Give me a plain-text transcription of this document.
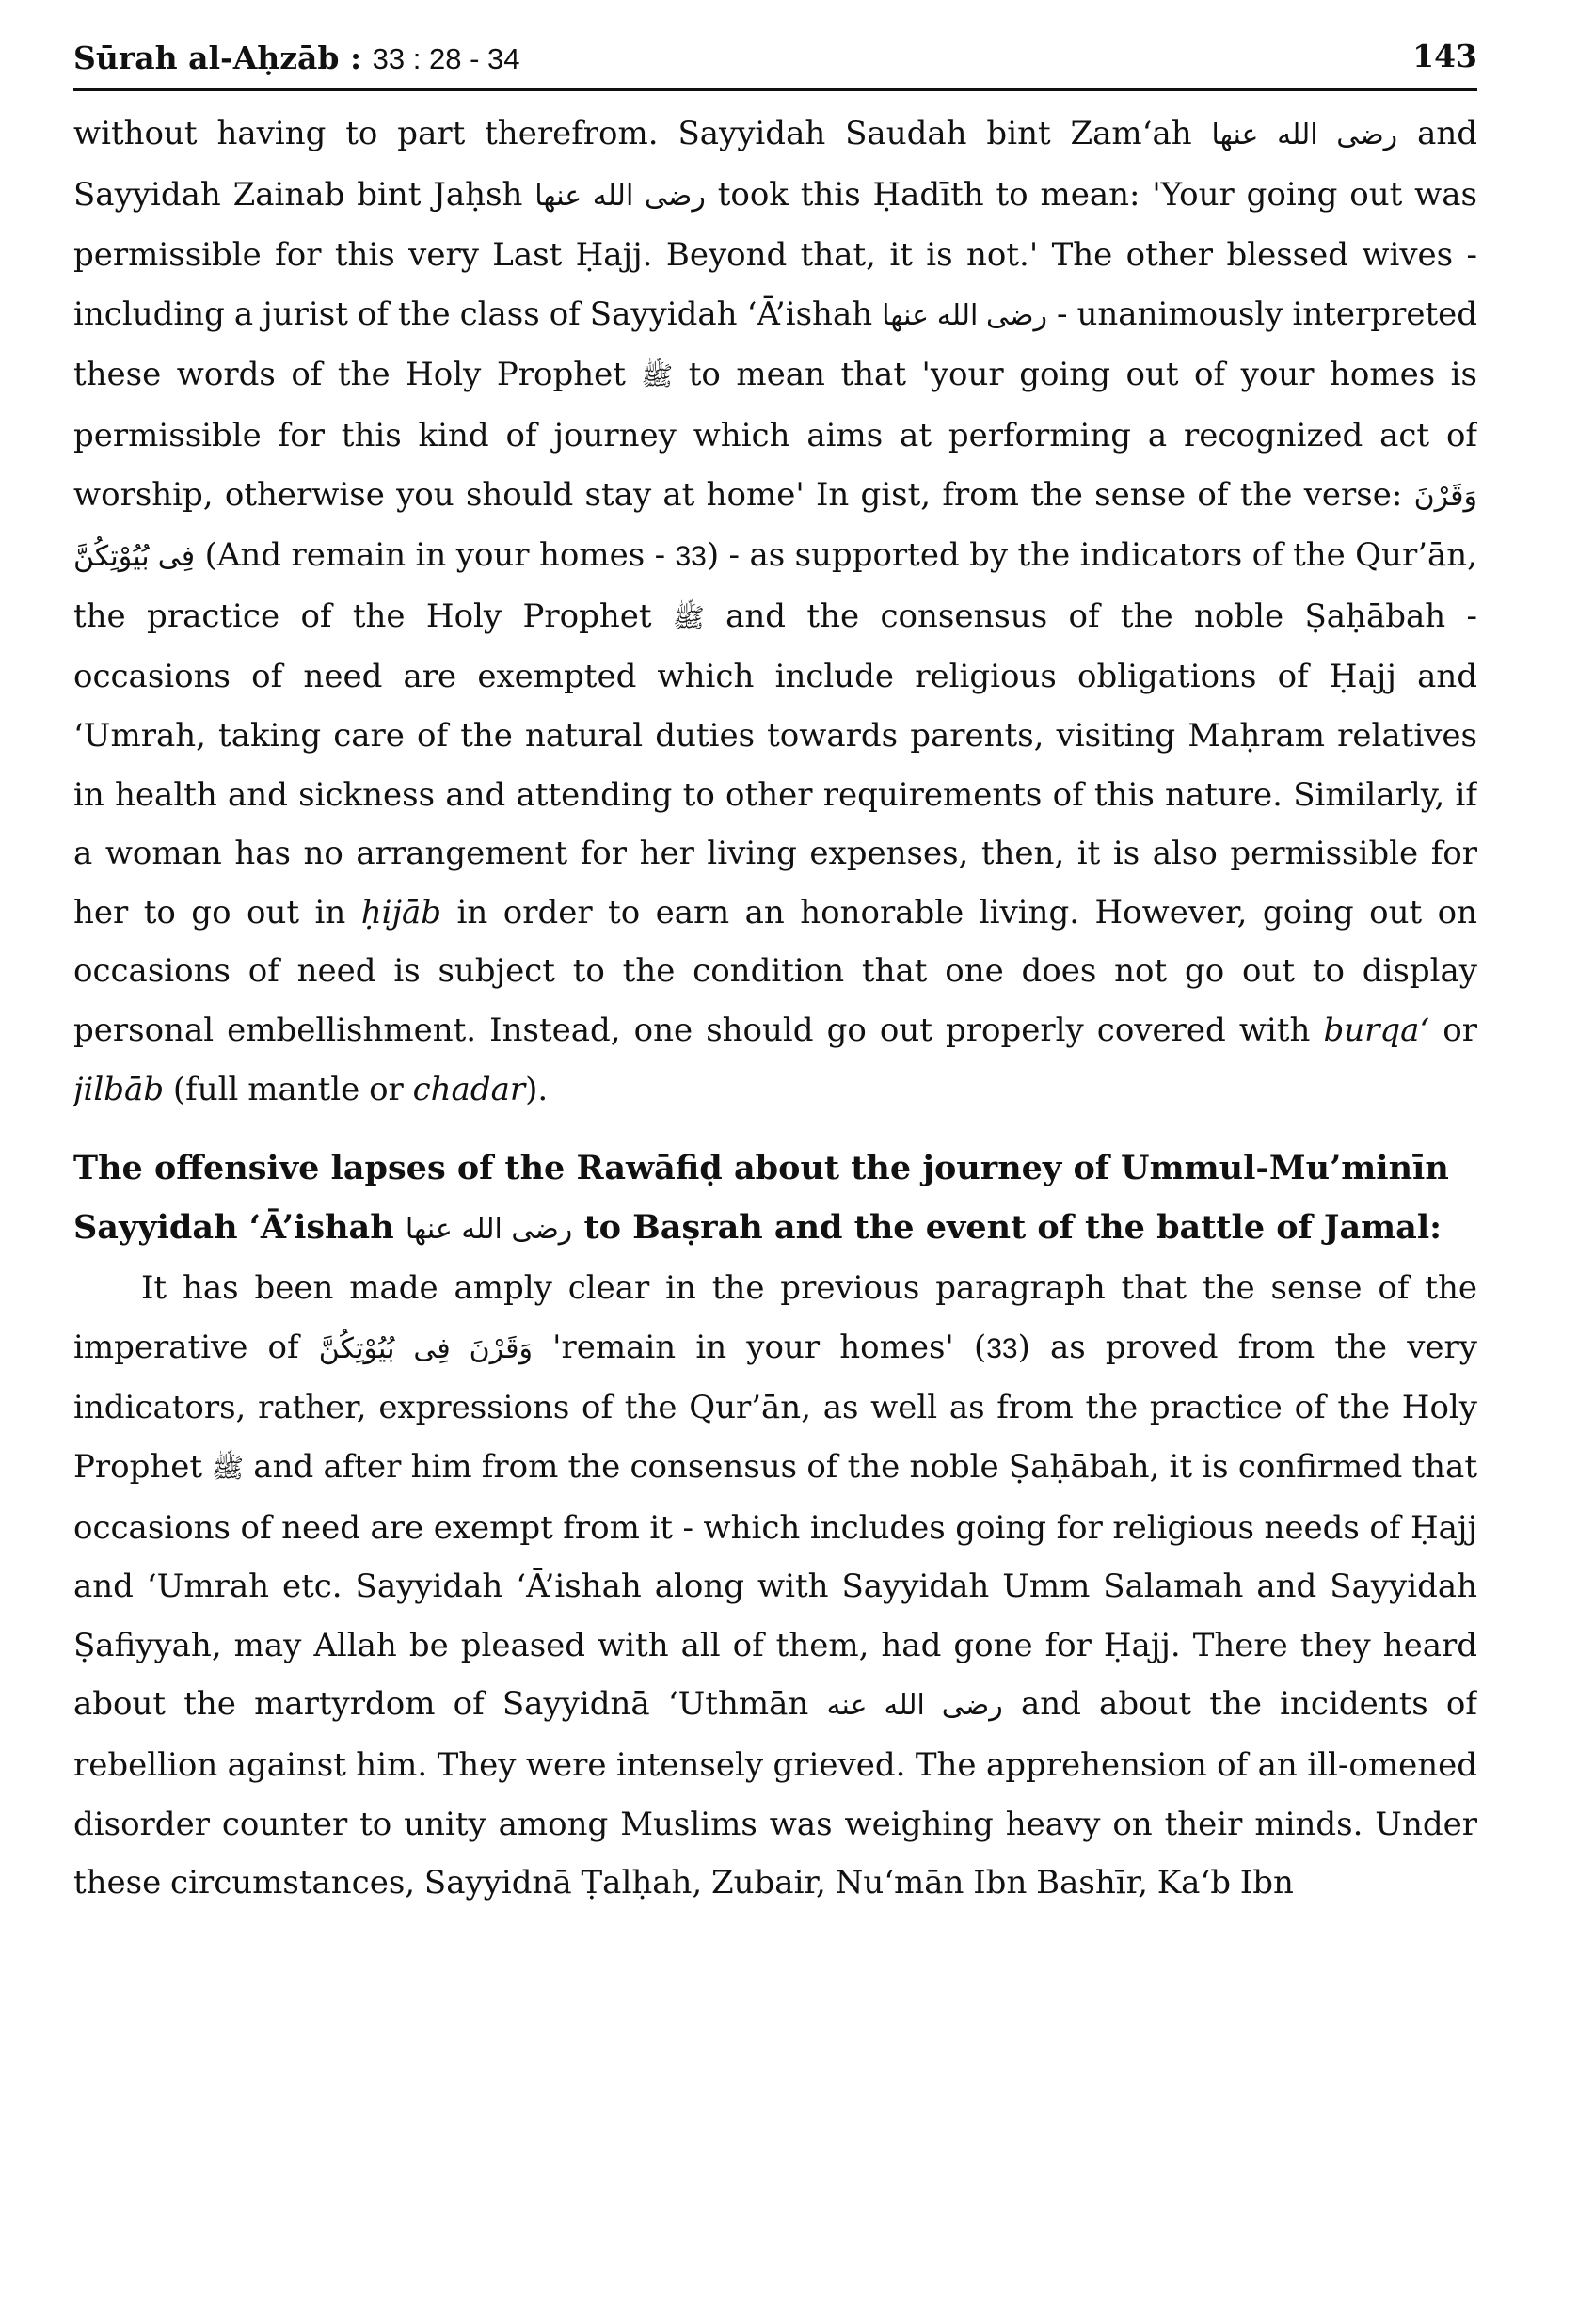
Sūrah al-Aḥzāb : 33 : 28 - 34	143

without having to part therefrom. Sayyidah Saudah bint Zam‘ah رضى الله عنها and Sayyidah Zainab bint Jaḥsh رضى الله عنها took this Ḥadīth to mean: 'Your going out was permissible for this very Last Ḥajj. Beyond that, it is not.' The other blessed wives - including a jurist of the class of Sayyidah ‘Ā’ishah رضى الله عنها - unanimously interpreted these words of the Holy Prophet ﷺ to mean that 'your going out of your homes is permissible for this kind of journey which aims at performing a recognized act of worship, otherwise you should stay at home' In gist, from the sense of the verse: وَقَرْنَ فِى بُيُوْتِكُنَّ (And remain in your homes - 33) - as supported by the indicators of the Qur’ān, the practice of the Holy Prophet ﷺ and the consensus of the noble Ṣaḥābah - occasions of need are exempted which include religious obligations of Ḥajj and ‘Umrah, taking care of the natural duties towards parents, visiting Maḥram relatives in health and sickness and attending to other requirements of this nature. Similarly, if a woman has no arrangement for her living expenses, then, it is also permissible for her to go out in ḥijāb in order to earn an honorable living. However, going out on occasions of need is subject to the condition that one does not go out to display personal embellishment. Instead, one should go out properly covered with burqa‘ or jilbāb (full mantle or chadar).

The offensive lapses of the Rawāfiḍ about the journey of Ummul-Mu’minīn Sayyidah ‘Ā’ishah رضى الله عنها to Baṣrah and the event of the battle of Jamal:

It has been made amply clear in the previous paragraph that the sense of the imperative of وَقَرْنَ فِى بُيُوْتِكُنَّ 'remain in your homes' (33) as proved from the very indicators, rather, expressions of the Qur’ān, as well as from the practice of the Holy Prophet ﷺ and after him from the consensus of the noble Ṣaḥābah, it is confirmed that occasions of need are exempt from it - which includes going for religious needs of Ḥajj and ‘Umrah etc. Sayyidah ‘Ā’ishah along with Sayyidah Umm Salamah and Sayyidah Ṣafiyyah, may Allah be pleased with all of them, had gone for Ḥajj. There they heard about the martyrdom of Sayyidnā ‘Uthmān رضى الله عنه and about the incidents of rebellion against him. They were intensely grieved. The apprehension of an ill-omened disorder counter to unity among Muslims was weighing heavy on their minds. Under these circumstances, Sayyidnā Ṭalḥah, Zubair, Nu‘mān Ibn Bashīr, Ka‘b Ibn
